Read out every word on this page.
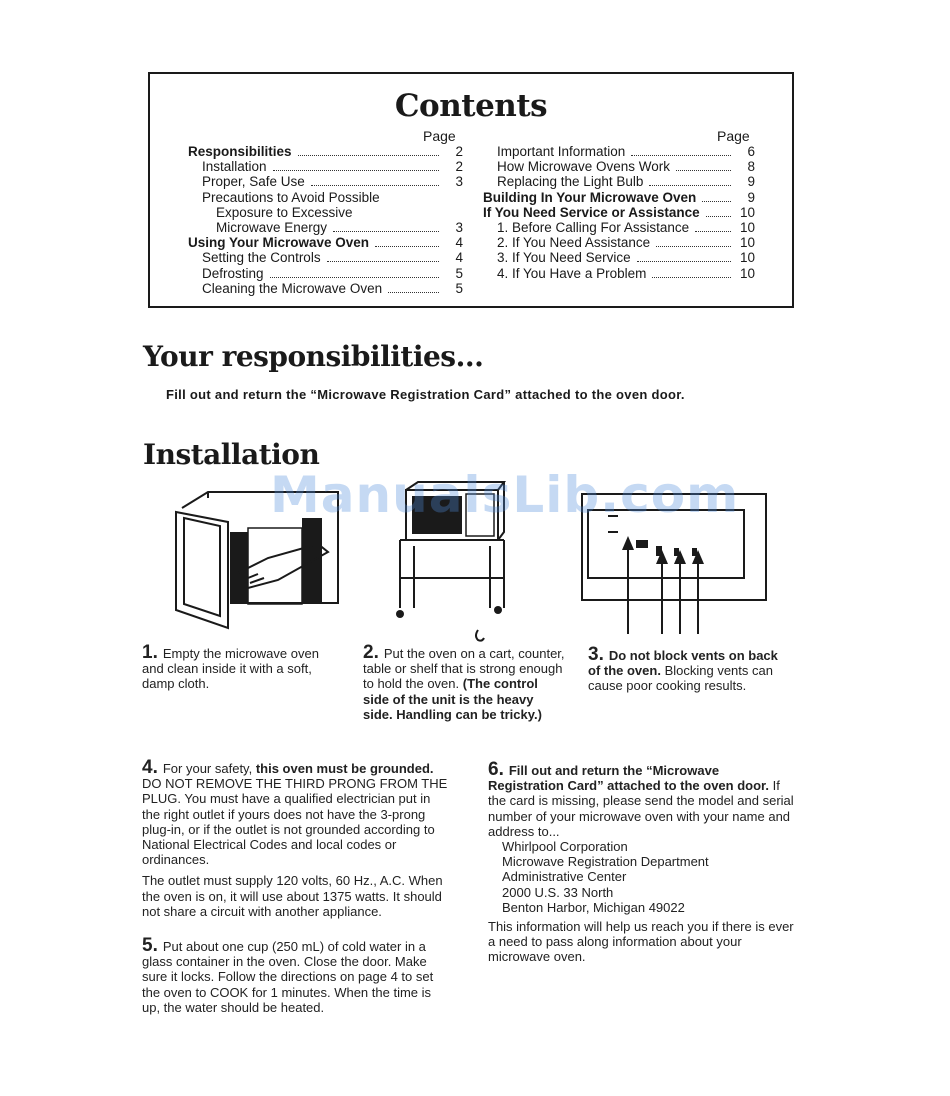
Contents
Page	Page
Responsibilities	2
Installation	2
Proper, Safe Use	3
Precautions to Avoid Possible
Exposure to Excessive
Microwave Energy	3
Using Your Microwave Oven	4
Setting the Controls	4
Defrosting	5
Cleaning the Microwave Oven	5
Important Information	6
How Microwave Ovens Work	8
Replacing the Light Bulb	9
Building In Your Microwave Oven	9
If You Need Service or Assistance	10
1. Before Calling For Assistance	10
2. If You Need Assistance	10
3. If You Need Service	10
4. If You Have a Problem	10
Your responsibilities...
Fill out and return the “Microwave Registration Card” attached to the oven door.
Installation
ManualsLib.com

1. Empty the microwave oven and clean inside it with a soft, damp cloth.

2. Put the oven on a cart, counter, table or shelf that is strong enough to hold the oven. (The control side of the unit is the heavy side. Handling can be tricky.)

3. Do not block vents on back of the oven. Blocking vents can cause poor cooking results.

4. For your safety, this oven must be grounded. DO NOT REMOVE THE THIRD PRONG FROM THE PLUG. You must have a qualified electrician put in the right outlet if yours does not have the 3-prong plug-in, or if the outlet is not grounded according to National Electrical Codes and local codes or ordinances.

The outlet must supply 120 volts, 60 Hz., A.C. When the oven is on, it will use about 1375 watts. It should not share a circuit with another appliance.

5. Put about one cup (250 mL) of cold water in a glass container in the oven. Close the door. Make sure it locks. Follow the directions on page 4 to set the oven to COOK for 1 minutes. When the time is up, the water should be heated.

6. Fill out and return the “Microwave Registration Card” attached to the oven door. If the card is missing, please send the model and serial number of your microwave oven with your name and address to...

Whirlpool Corporation
Microwave Registration Department
Administrative Center
2000 U.S. 33 North
Benton Harbor, Michigan 49022

This information will help us reach you if there is ever a need to pass along information about your microwave oven.
